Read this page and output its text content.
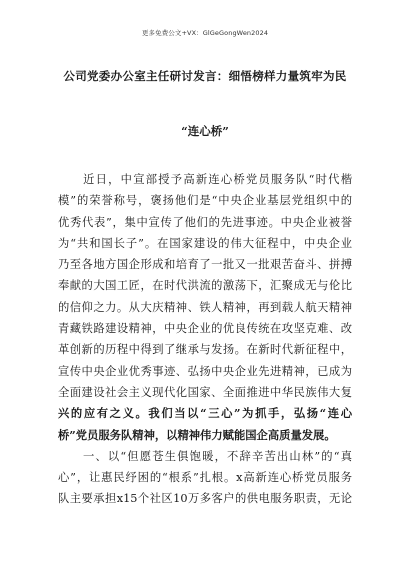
更多免费公文+VX：GlGeGongWen2024
公司党委办公室主任研讨发言：细悟榜样力量筑牢为民
“连心桥”
　　近日，中宣部授予高新连心桥党员服务队“时代楷
模”的荣誉称号，褒扬他们是“中央企业基层党组织中的
优秀代表”，集中宣传了他们的先进事迹。中央企业被誉
为“共和国长子”。在国家建设的伟大征程中，中央企业
乃至各地方国企形成和培育了一批又一批艰苦奋斗、拼搏
奉献的大国工匠，在时代洪流的激荡下，汇聚成无与伦比
的信仰之力。从大庆精神、铁人精神，再到载人航天精神
青藏铁路建设精神，中央企业的优良传统在攻坚克难、改
革创新的历程中得到了继承与发扬。在新时代新征程中，
宣传中央企业优秀事迹、弘扬中央企业先进精神，已成为
全面建设社会主义现代化国家、全面推进中华民族伟大复
兴的应有之义。我们当以“三心”为抓手，弘扬“连心
桥”党员服务队精神，以精神伟力赋能国企高质量发展。
　　一、以“但愿苍生俱饱暖，不辞辛苦出山林”的“真
心”，让惠民纾困的“根系”扎根。x高新连心桥党员服务
队主要承担x15个社区10万多客户的供电服务职责，无论
